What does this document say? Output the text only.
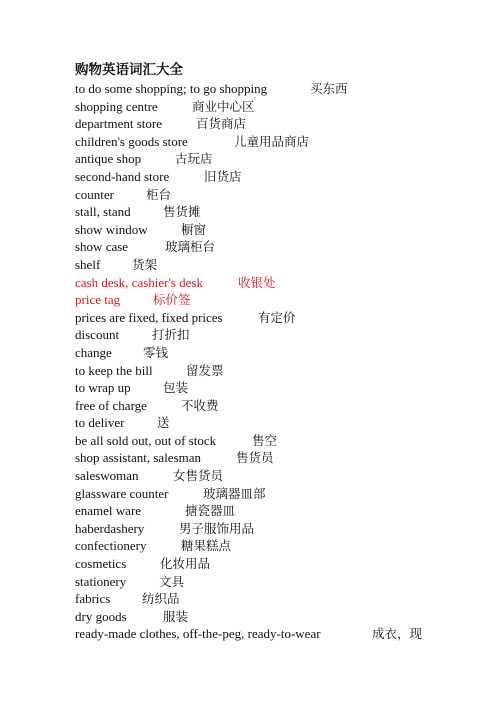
购物英语词汇大全
to do some shopping; to go shopping	买东西
shopping centre	商业中心区
department store	百货商店
children's goods store	儿童用品商店
antique shop	古玩店
second-hand store	旧货店
counter	柜台
stall, stand	售货摊
show window	橱窗
show case	玻璃柜台
shelf	货架
cash desk, cashier's desk	收银处
price tag	标价签
prices are fixed, fixed prices	有定价
discount	打折扣
change 零钱
to keep the bill	留发票
to wrap up	包装
free of charge	不收费
to deliver	送
be all sold out, out of stock	售空
shop assistant, salesman	售货员
saleswoman	女售货员
glassware counter	玻璃器皿部
enamel ware	搪瓷器皿
haberdashery	男子服饰用品
confectionery	糖果糕点
cosmetics	化妆用品
stationery	文具
fabrics	纺织品
dry goods	服装
ready-made clothes, off-the-peg, ready-to-wear	成衣，现
